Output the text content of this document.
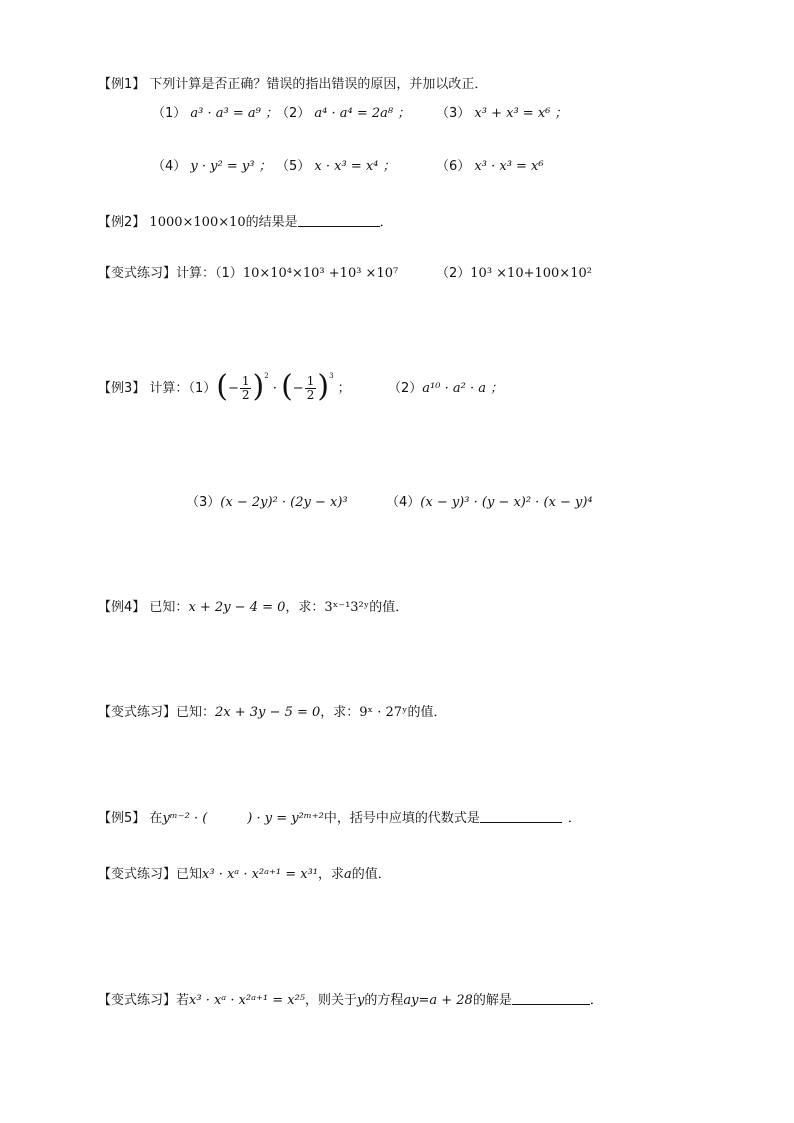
【例1】 下列计算是否正确？错误的指出错误的原因，并加以改正．
（1） a³ · a³ = a⁹ ；
（2） a⁴ · a⁴ = 2a⁸ ； （3） x³ + x³ = x⁶ ；
（4） y · y² = y³ ； （5） x · x³ = x⁴ ；	（6） x³ · x³ = x⁶
【例2】 1000×100×10的结果是	．
【变式练习】计算：（1）10×10⁴×10³ +10³ ×10⁷	（2）10³ ×10+100×10²
【例3】 计算：$(1)(- \frac{1}{2} )^2$ · (− $\frac{1}{2} )^3$ ；	（2）a¹⁰ · a² · a ；
（3）(x − 2y)² · (2y − x)³	（4）(x − y)³ · (y − x)² · (x − y)⁴
【例4】 已知：x + 2y − 4 = 0，求：3ˣ⁻¹3²ʸ的值．
【变式练习】已知：2x + 3y − 5 = 0，求：9ˣ · 27ʸ的值．
【例5】 在yᵐ⁻² · (	) · y = y²ᵐ⁺²中，括号中应填的代数式是	．
【变式练习】已知x³ · xᵃ · x²ᵃ⁺¹ = x³¹，求a的值．
【变式练习】若x³ · xᵃ · x²ᵃ⁺¹ = x²⁵，则关于y的方程ay=a + 28的解是	．
